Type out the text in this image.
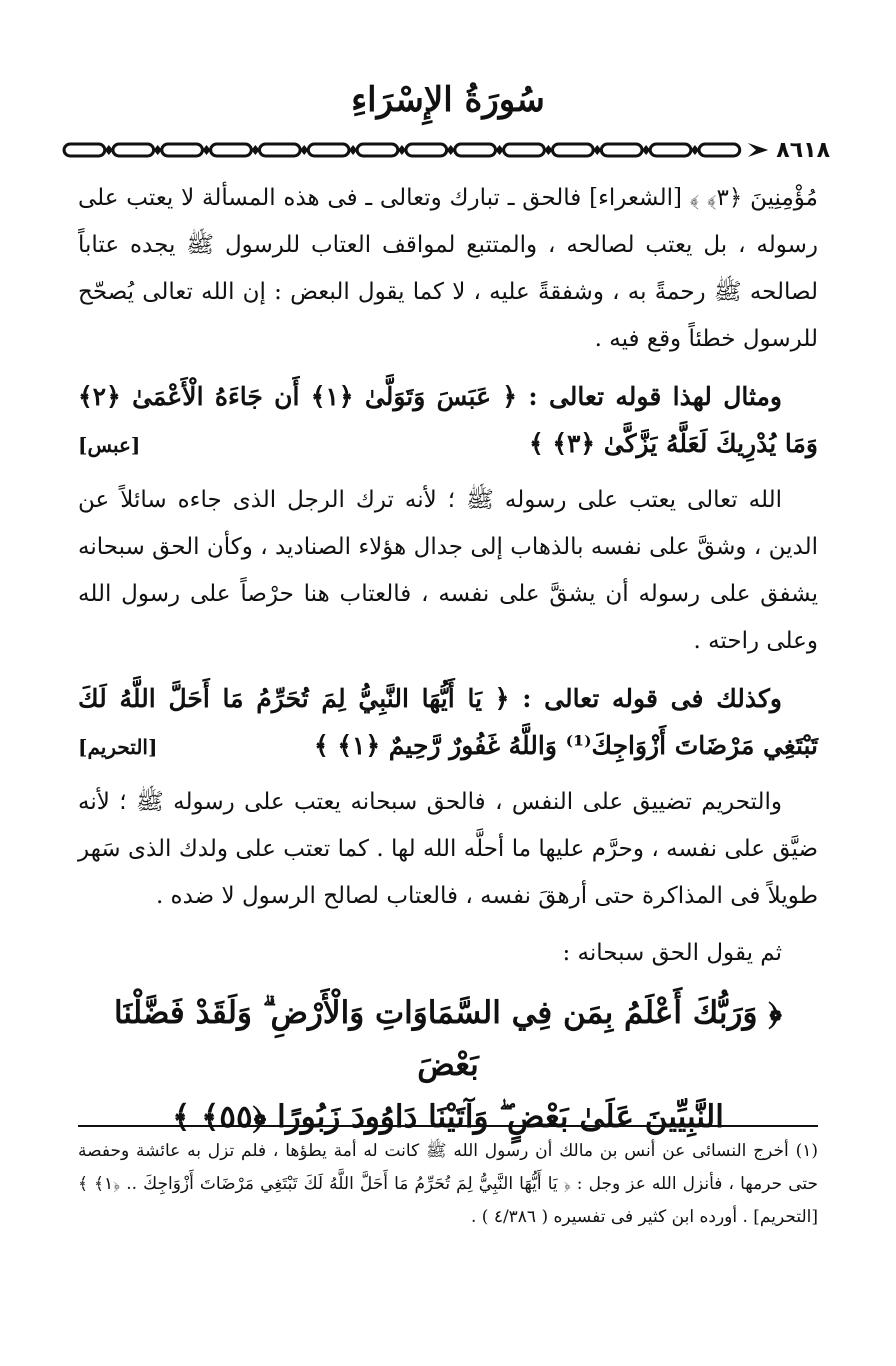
سُورَةُ الإِسْرَاءِ
٨٦١٨

مُؤْمِنِينَ ﴿٣﴾ ﴾ [الشعراء] فالحق ـ تبارك وتعالى ـ فى هذه المسألة لا يعتب على رسوله ، بل يعتب لصالحه ، والمتتبع لمواقف العتاب للرسول ﷺ يجده عتاباً لصالحه ﷺ رحمةً به ، وشفقةً عليه ، لا كما يقول البعض : إن الله تعالى يُصحّح للرسول خطئاً وقع فيه .

ومثال لهذا قوله تعالى : ﴿ عَبَسَ وَتَوَلَّىٰ ﴿١﴾ أَن جَاءَهُ الْأَعْمَىٰ ﴿٢﴾ وَمَا يُدْرِيكَ لَعَلَّهُ يَزَّكَّىٰ ﴿٣﴾ ﴾
[عبس]

الله تعالى يعتب على رسوله ﷺ ؛ لأنه ترك الرجل الذى جاءه سائلاً عن الدين ، وشقَّ على نفسه بالذهاب إلى جدال هؤلاء الصناديد ، وكأن الحق سبحانه يشفق على رسوله أن يشقَّ على نفسه ، فالعتاب هنا حرْصاً على رسول الله وعلى راحته .

وكذلك فى قوله تعالى : ﴿ يَا أَيُّهَا النَّبِيُّ لِمَ تُحَرِّمُ مَا أَحَلَّ اللَّهُ لَكَ تَبْتَغِي مَرْضَاتَ أَزْوَاجِكَ⁽¹⁾ وَاللَّهُ غَفُورٌ رَّحِيمٌ ﴿١﴾ ﴾
[التحريم]

والتحريم تضييق على النفس ، فالحق سبحانه يعتب على رسوله ﷺ ؛ لأنه ضيَّق على نفسه ، وحرَّم عليها ما أحلَّه الله لها . كما تعتب على ولدك الذى سَهر طويلاً فى المذاكرة حتى أرهقَ نفسه ، فالعتاب لصالح الرسول لا ضده .

ثم يقول الحق سبحانه :

﴿ وَرَبُّكَ أَعْلَمُ بِمَن فِي السَّمَاوَاتِ وَالْأَرْضِ ۗ وَلَقَدْ فَضَّلْنَا بَعْضَ
النَّبِيِّينَ عَلَىٰ بَعْضٍ ۖ وَآتَيْنَا دَاوُودَ زَبُورًا ﴿٥٥﴾ ﴾
(١) أخرج النسائى عن أنس بن مالك أن رسول الله ﷺ كانت له أمة يطؤها ، فلم تزل به عائشة وحفصة حتى حرمها ، فأنزل الله عز وجل : ﴿ يَا أَيُّهَا النَّبِيُّ لِمَ تُحَرِّمُ مَا أَحَلَّ اللَّهُ لَكَ تَبْتَغِي مَرْضَاتَ أَزْوَاجِكَ .. ﴿١﴾ ﴾ [التحريم] . أورده ابن كثير فى تفسيره ( ٤/٣٨٦ ) .
